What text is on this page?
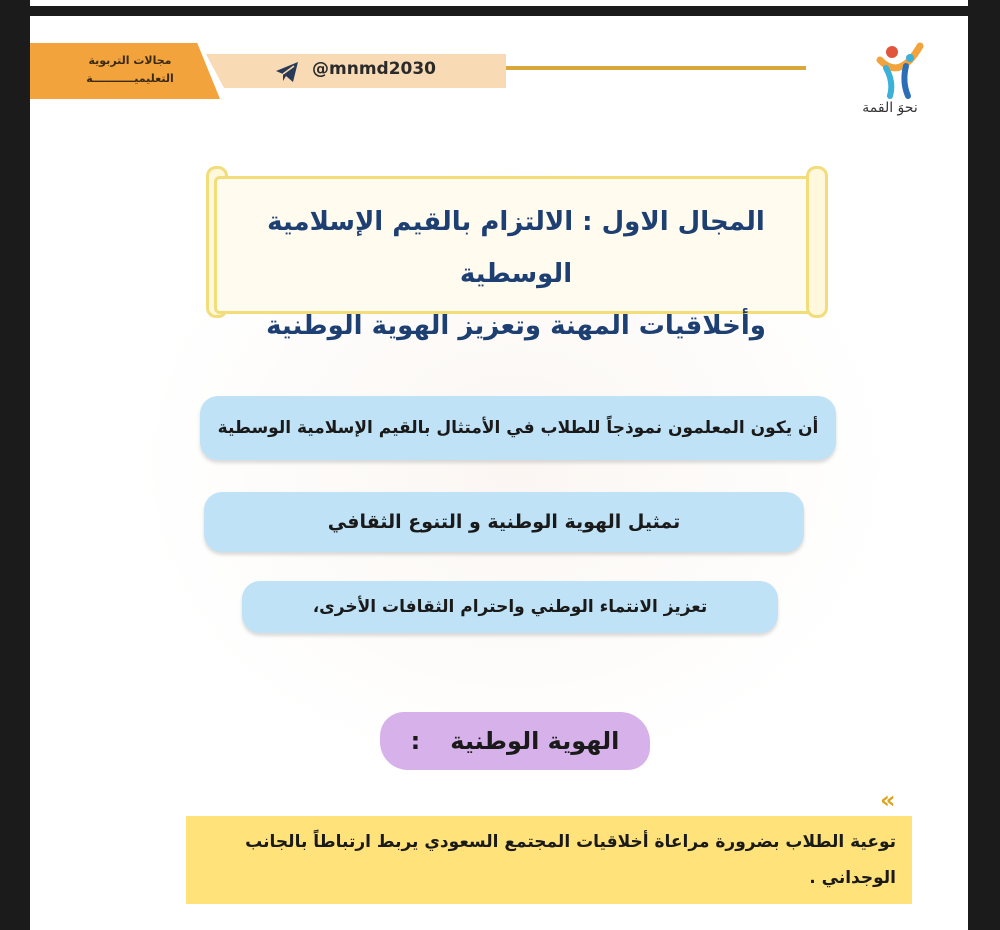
مجالات التربوية
التعليميـــــــــــة	@mnmd2030
نحوَ القمة
المجال الاول : الالتزام بالقيم الإسلامية الوسطية
وأخلاقيات المهنة وتعزيز الهوية الوطنية
أن يكون المعلمون نموذجاً للطلاب في الأمتثال بالقيم الإسلامية الوسطية
تمثيل الهوية الوطنية و التنوع الثقافي
تعزيز الانتماء الوطني واحترام الثقافات الأخرى،
الهوية الوطنية
:
«
توعية الطلاب بضرورة مراعاة أخلاقيات المجتمع السعودي يربط ارتباطاً بالجانب الوجداني .
